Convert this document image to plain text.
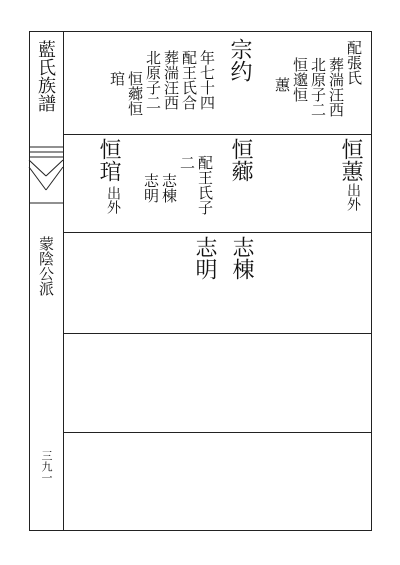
藍氏族譜
蒙陰公派
三九一
配張氏
葬湍汪西
北原子二
恒邈恒
蕙
宗约
年七十四
配王氏合
葬湍汪西
北原子二
恒薌恒
琯
恒蕙
出外
恒薌
配王氏子
二
志棟
志明
恒琯
出外
志棟
志明
